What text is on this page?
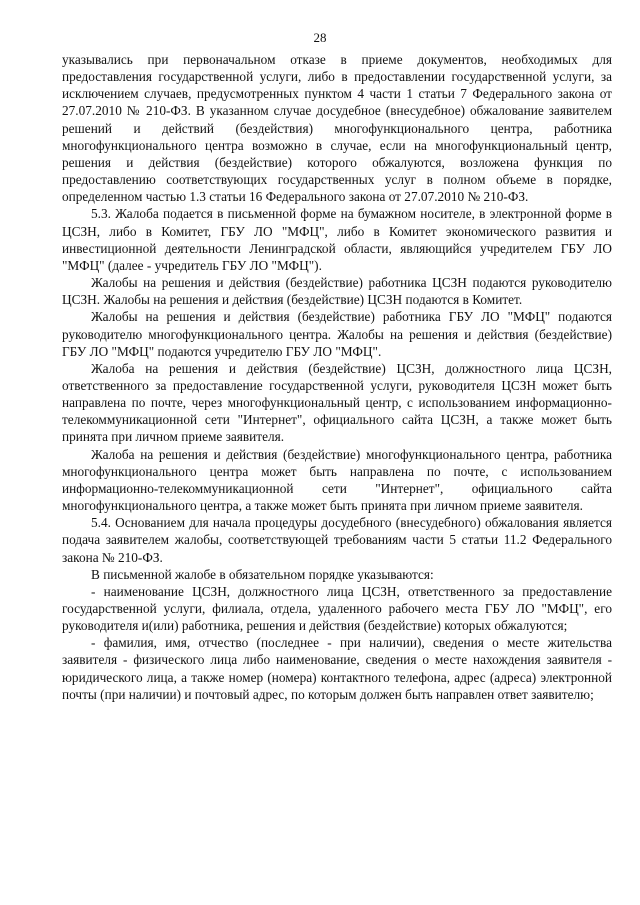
28

указывались при первоначальном отказе в приеме документов, необходимых для предоставления государственной услуги, либо в предоставлении государственной услуги, за исключением случаев, предусмотренных пунктом 4 части 1 статьи 7 Федерального закона от 27.07.2010 № 210-ФЗ. В указанном случае досудебное (внесудебное) обжалование заявителем решений и действий (бездействия) многофункционального центра, работника многофункционального центра возможно в случае, если на многофункциональный центр, решения и действия (бездействие) которого обжалуются, возложена функция по предоставлению соответствующих государственных услуг в полном объеме в порядке, определенном частью 1.3 статьи 16 Федерального закона от 27.07.2010 № 210-ФЗ.

5.3. Жалоба подается в письменной форме на бумажном носителе, в электронной форме в ЦСЗН, либо в Комитет, ГБУ ЛО "МФЦ", либо в Комитет экономического развития и инвестиционной деятельности Ленинградской области, являющийся учредителем ГБУ ЛО "МФЦ" (далее - учредитель ГБУ ЛО "МФЦ").

Жалобы на решения и действия (бездействие) работника ЦСЗН подаются руководителю ЦСЗН. Жалобы на решения и действия (бездействие) ЦСЗН подаются в Комитет.

Жалобы на решения и действия (бездействие) работника ГБУ ЛО "МФЦ" подаются руководителю многофункционального центра. Жалобы на решения и действия (бездействие) ГБУ ЛО "МФЦ" подаются учредителю ГБУ ЛО "МФЦ".

Жалоба на решения и действия (бездействие) ЦСЗН, должностного лица ЦСЗН, ответственного за предоставление государственной услуги, руководителя ЦСЗН может быть направлена по почте, через многофункциональный центр, с использованием информационно-телекоммуникационной сети "Интернет", официального сайта ЦСЗН, а также может быть принята при личном приеме заявителя.

Жалоба на решения и действия (бездействие) многофункционального центра, работника многофункционального центра может быть направлена по почте, с использованием информационно-телекоммуникационной сети "Интернет", официального сайта многофункционального центра, а также может быть принята при личном приеме заявителя.

5.4. Основанием для начала процедуры досудебного (внесудебного) обжалования является подача заявителем жалобы, соответствующей требованиям части 5 статьи 11.2 Федерального закона № 210-ФЗ.

В письменной жалобе в обязательном порядке указываются:

- наименование ЦСЗН, должностного лица ЦСЗН, ответственного за предоставление государственной услуги, филиала, отдела, удаленного рабочего места ГБУ ЛО "МФЦ", его руководителя и(или) работника, решения и действия (бездействие) которых обжалуются;

- фамилия, имя, отчество (последнее - при наличии), сведения о месте жительства заявителя - физического лица либо наименование, сведения о месте нахождения заявителя - юридического лица, а также номер (номера) контактного телефона, адрес (адреса) электронной почты (при наличии) и почтовый адрес, по которым должен быть направлен ответ заявителю;
